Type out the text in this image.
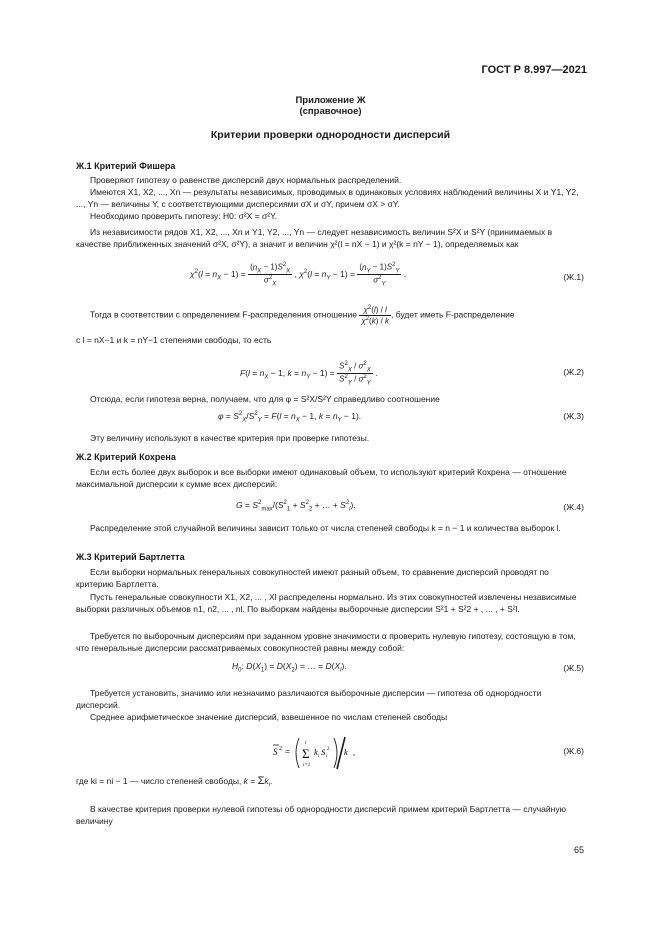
ГОСТ Р 8.997—2021
Приложение Ж
(справочное)
Критерии проверки однородности дисперсий
Ж.1 Критерий Фишера

Проверяют гипотезу о равенстве дисперсий двух нормальных распределений.

Имеются X1, X2, ..., Xn — результаты независимых, проводимых в одинаковых условиях наблюдений величины X и Y1, Y2, ..., Yn — величины Y, с соответствующими дисперсиями σX и σY, причем σX > σY.

Необходимо проверить гипотезу: H0: σ²X = σ²Y.

Из независимости рядов X1, X2, ..., Xn и Y1, Y2, ..., Yn — следует независимость величин S²X и S²Y (принимаемых в качестве приближенных значений σ²X, σ²Y), а значит и величин χ²(l = nX − 1) и χ²(k = nY − 1), определяемых как

$\chi^2(l = n_X - 1) = \frac{(n_X - 1)S^2_X}{\sigma^2_X}$ , $\chi^2(l = n_Y - 1) = \frac{(n_Y - 1)S^2_Y}{\sigma^2_Y}$ .	(Ж.1)
Тогда в соответствии с определением F-распределения отношение $\frac{\chi^2(l) / l}{\chi^2(k) / k}$ , будет иметь F-распределение

с l = nX−1 и k = nY−1 степенями свободы, то есть

$F(l = n_X - 1$, $k = n_Y - 1) = \frac{S^2_X / \sigma^2_X}{S^2_Y / \sigma^2_Y}$ .	(Ж.2)

Отсюда, если гипотеза верна, получаем, что для φ = S²X/S²Y справедливо соотношение

$\varphi = S^2_X/S^2_Y = F(l = n_X - 1$, $k = n_Y - 1$).	(Ж.3)

Эту величину используют в качестве критерия при проверке гипотезы.

Ж.2 Критерий Кохрена

Если есть более двух выборок и все выборки имеют одинаковый объем, то используют критерий Кохрена — отношение максимальной дисперсии к сумме всех дисперсий:

$G = S^2_{max}/(S^2_1 + S^2_2$ + … + $S^2_l$).	(Ж.4)

Распределение этой случайной величины зависит только от числа степеней свободы k = n − 1 и количества выборок l.

Ж.3 Критерий Бартлетта

Если выборки нормальных генеральных совокупностей имеют разный объем, то сравнение дисперсий проводят по критерию Бартлетта.

Пусть генеральные совокупности X1, X2, ... , Xl распределены нормально. Из этих совокупностей извлечены независимые выборки различных объемов n1, n2, ... , nl. По выборкам найдены выборочные дисперсии S²1 + S²2 + , ... , + S²l.

Требуется по выборочным дисперсиям при заданном уровне значимости α проверить нулевую гипотезу, состоящую в том, что генеральные дисперсии рассматриваемых совокупностей равны между собой:

$H_0$: $D(X_1) = D(X_2)$ = … = $D(X_l)$.	(Ж.5)

Требуется установить, значимо или незначимо различаются выборочные дисперсии — гипотеза об однородности дисперсий.

Среднее арифметическое значение дисперсий, взвешенное по числам степеней свободы

S 2 = Σ
l
i=1
k i S i
2 k ,	(Ж.6)
где ki = ni − 1 — число степеней свободы, $k = \Sigma k_i$.

В качестве критерия проверки нулевой гипотезы об однородности дисперсий примем критерий Бартлетта — случайную величину

65
